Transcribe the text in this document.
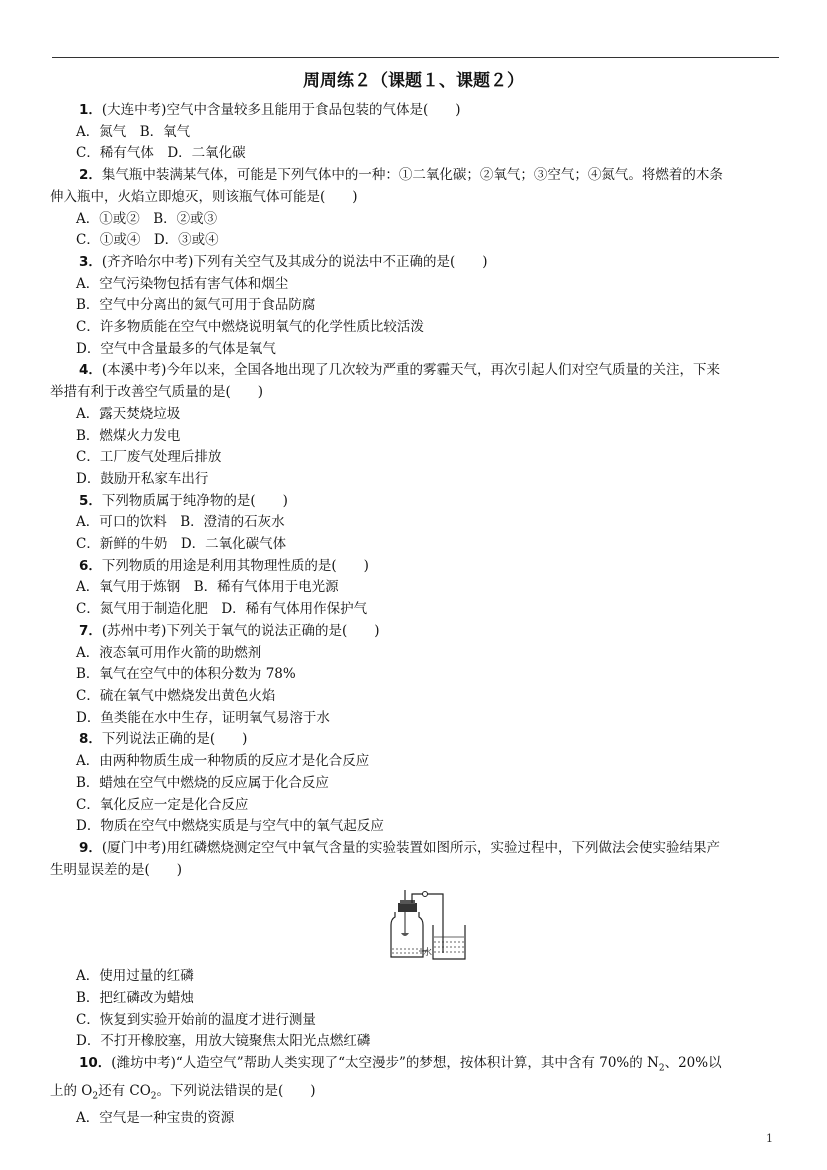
周周练２（课题１、课题２）
1．(大连中考)空气中含量较多且能用于食品包装的气体是(　　)
A．氮气　B．氧气
C．稀有气体　D．二氧化碳
2．集气瓶中装满某气体，可能是下列气体中的一种：①二氧化碳；②氧气；③空气；④氮气。将燃着的木条
伸入瓶中，火焰立即熄灭，则该瓶气体可能是(　　)
A．①或②　B．②或③
C．①或④　D．③或④
3．(齐齐哈尔中考)下列有关空气及其成分的说法中不正确的是(　　)
A．空气污染物包括有害气体和烟尘
B．空气中分离出的氮气可用于食品防腐
C．许多物质能在空气中燃烧说明氧气的化学性质比较活泼
D．空气中含量最多的气体是氧气
4．(本溪中考)今年以来，全国各地出现了几次较为严重的雾霾天气，再次引起人们对空气质量的关注，下来
举措有利于改善空气质量的是(　　)
A．露天焚烧垃圾
B．燃煤火力发电
C．工厂废气处理后排放
D．鼓励开私家车出行
5．下列物质属于纯净物的是(　　)
A．可口的饮料　B．澄清的石灰水
C．新鲜的牛奶　D．二氧化碳气体
6．下列物质的用途是利用其物理性质的是(　　)
A．氧气用于炼钢　B．稀有气体用于电光源
C．氮气用于制造化肥　D．稀有气体用作保护气
7．(苏州中考)下列关于氧气的说法正确的是(　　)
A．液态氧可用作火箭的助燃剂
B．氧气在空气中的体积分数为 78%
C．硫在氧气中燃烧发出黄色火焰
D．鱼类能在水中生存，证明氧气易溶于水
8．下列说法正确的是(　　)
A．由两种物质生成一种物质的反应才是化合反应
B．蜡烛在空气中燃烧的反应属于化合反应
C．氧化反应一定是化合反应
D．物质在空气中燃烧实质是与空气中的氧气起反应
9．(厦门中考)用红磷燃烧测定空气中氧气含量的实验装置如图所示，实验过程中，下列做法会使实验结果产
生明显误差的是(　　)
水
A．使用过量的红磷
B．把红磷改为蜡烛
C．恢复到实验开始前的温度才进行测量
D．不打开橡胶塞，用放大镜聚焦太阳光点燃红磷
10．(潍坊中考)“人造空气”帮助人类实现了“太空漫步”的梦想，按体积计算，其中含有 70%的 $N_2$、20%以
上的 $O_2$还有 $CO_2$。下列说法错误的是(　　)
A．空气是一种宝贵的资源
1
